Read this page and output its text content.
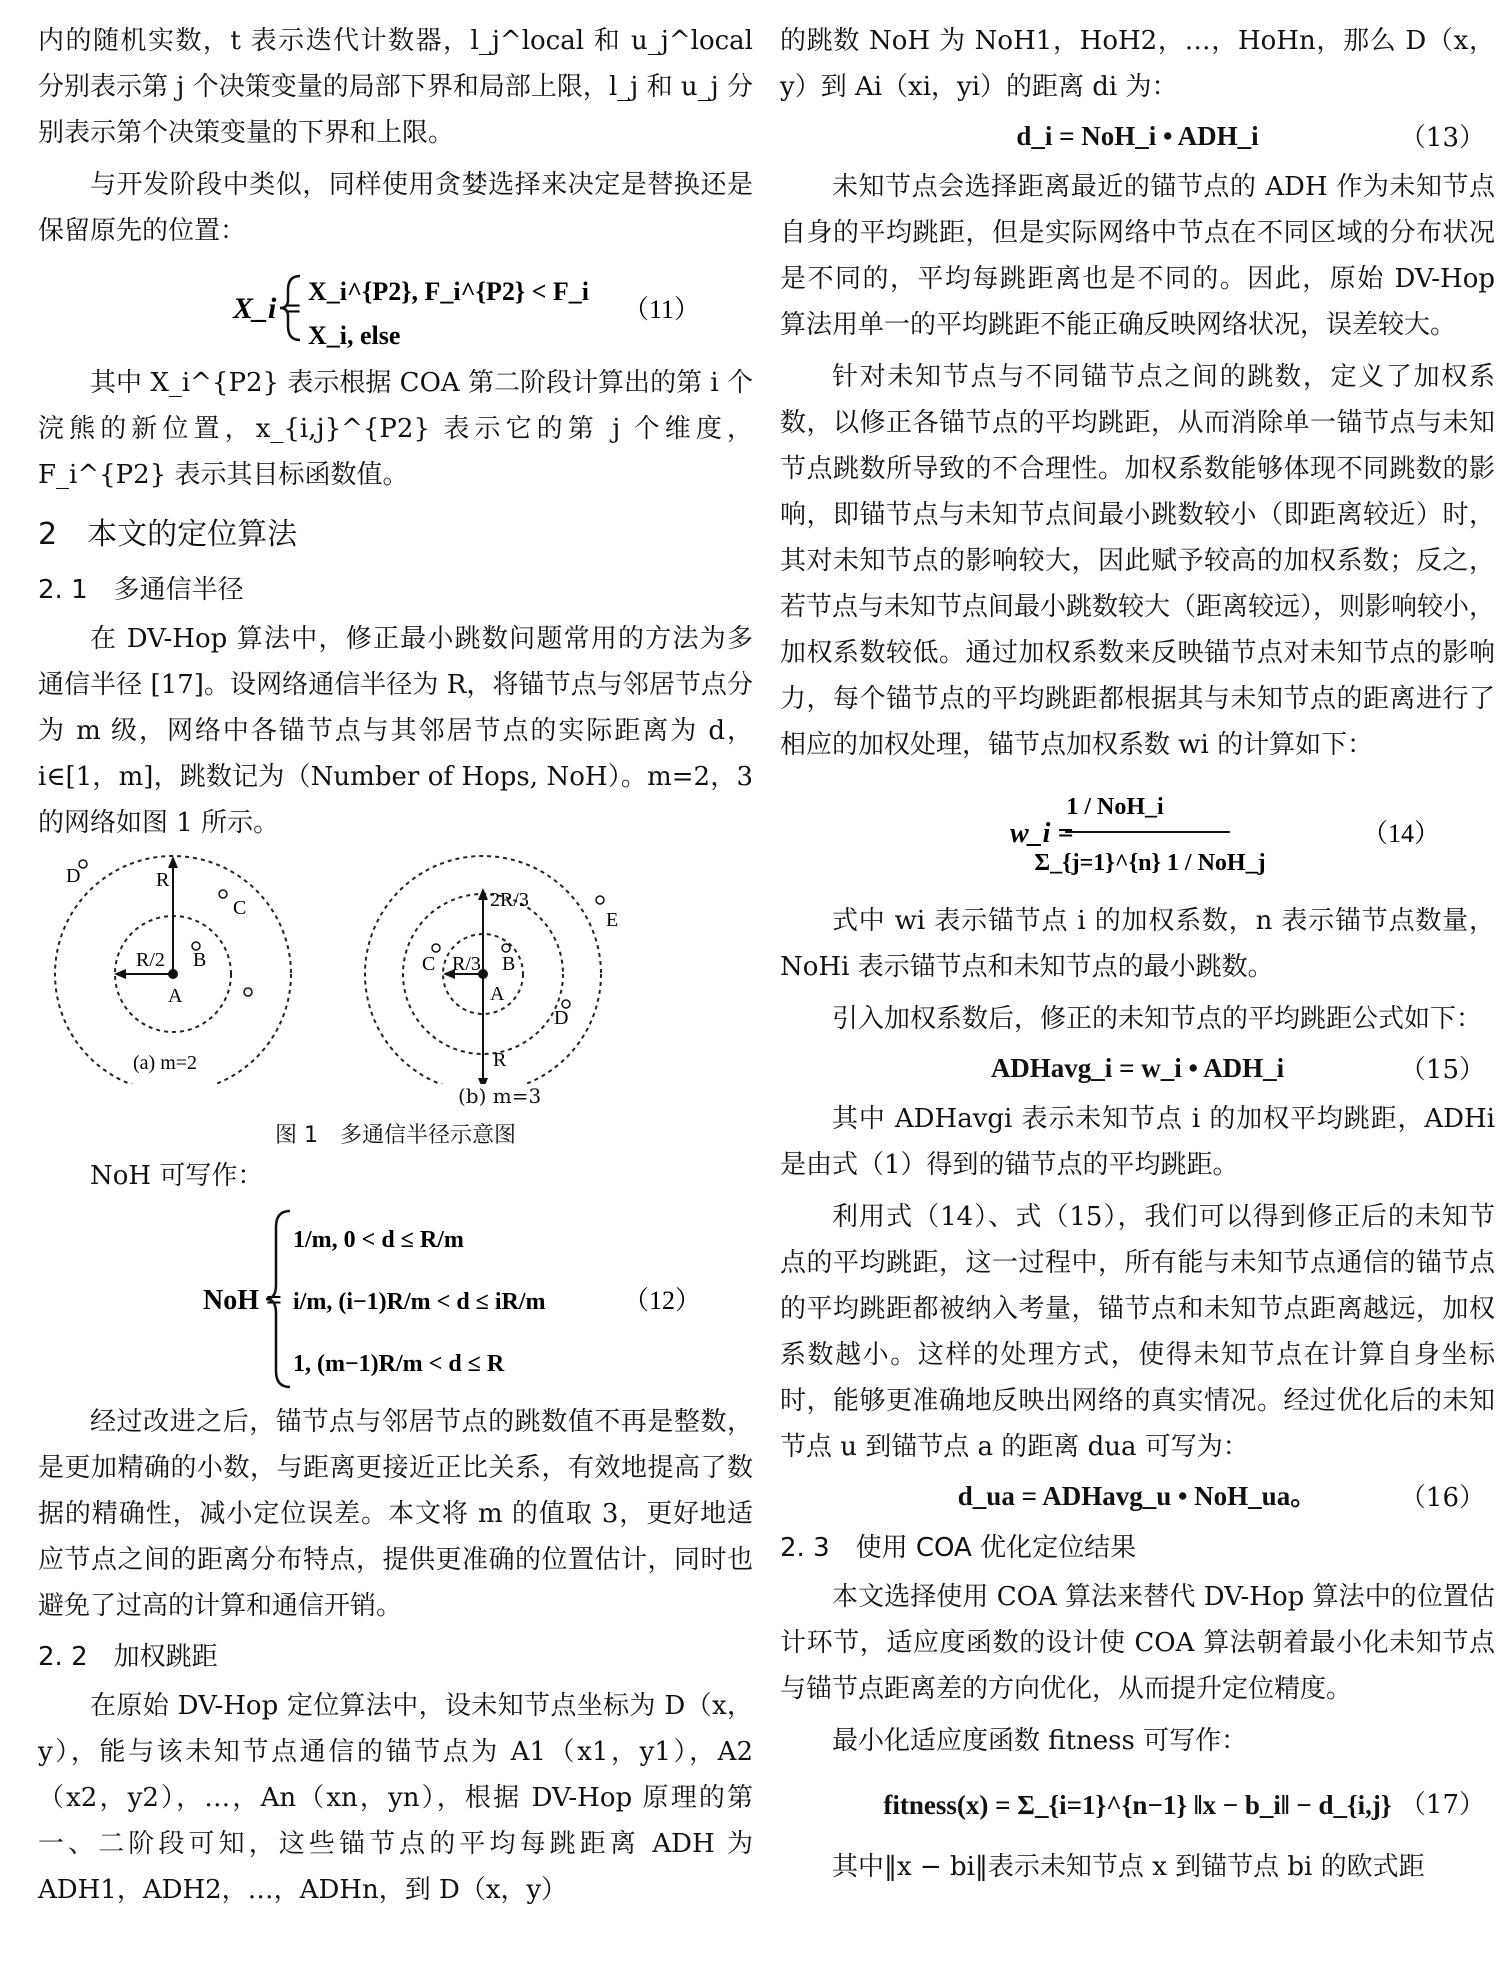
内的随机实数，t 表示迭代计数器，l_j^local 和 u_j^local 分别表示第 j 个决策变量的局部下界和局部上限，l_j 和 u_j 分别表示第个决策变量的下界和上限。

与开发阶段中类似，同样使用贪婪选择来决定是替换还是保留原先的位置：

X_i =
X_i^{P2}, F_i^{P2} < F_i
X_i, else
（11）

其中 X_i^{P2} 表示根据 COA 第二阶段计算出的第 i 个浣熊的新位置，x_{i,j}^{P2} 表示它的第 j 个维度，F_i^{P2} 表示其目标函数值。

2　本文的定位算法
2. 1　多通信半径

在 DV-Hop 算法中，修正最小跳数问题常用的方法为多通信半径 [17]。设网络通信半径为 R，将锚节点与邻居节点分为 m 级，网络中各锚节点与其邻居节点的实际距离为 d，i∈[1，m]，跳数记为（Number of Hops, NoH）。m=2，3 的网络如图 1 所示。

D	R
C
B
R/2
A
(a) m=2
2R/3
E
C R/3 B
A
D
R
(b) m=3
图 1　多通信半径示意图

NoH 可写作：

NoH =
1/m, 0 < d ≤ R/m
i/m, (i−1)R/m < d ≤ iR/m
1, (m−1)R/m < d ≤ R
（12）

经过改进之后，锚节点与邻居节点的跳数值不再是整数，是更加精确的小数，与距离更接近正比关系，有效地提高了数据的精确性，减小定位误差。本文将 m 的值取 3，更好地适应节点之间的距离分布特点，提供更准确的位置估计，同时也避免了过高的计算和通信开销。

2. 2　加权跳距

在原始 DV-Hop 定位算法中，设未知节点坐标为 D（x，y），能与该未知节点通信的锚节点为 A1（x1，y1），A2（x2，y2），…，An（xn，yn），根据 DV-Hop 原理的第一、二阶段可知，这些锚节点的平均每跳距离 ADH 为 ADH1，ADH2，…，ADHn，到 D（x，y）

的跳数 NoH 为 NoH1，HoH2，…，HoHn，那么 D（x，y）到 Ai（xi，yi）的距离 di 为：

d_i = NoH_i • ADH_i	（13）

未知节点会选择距离最近的锚节点的 ADH 作为未知节点自身的平均跳距，但是实际网络中节点在不同区域的分布状况是不同的，平均每跳距离也是不同的。因此，原始 DV-Hop 算法用单一的平均跳距不能正确反映网络状况，误差较大。

针对未知节点与不同锚节点之间的跳数，定义了加权系数，以修正各锚节点的平均跳距，从而消除单一锚节点与未知节点跳数所导致的不合理性。加权系数能够体现不同跳数的影响，即锚节点与未知节点间最小跳数较小（即距离较近）时，其对未知节点的影响较大，因此赋予较高的加权系数；反之，若节点与未知节点间最小跳数较大（距离较远），则影响较小，加权系数较低。通过加权系数来反映锚节点对未知节点的影响力，每个锚节点的平均跳距都根据其与未知节点的距离进行了相应的加权处理，锚节点加权系数 wi 的计算如下：

w_i =
1 / NoH_i
Σ_{j=1}^{n} 1 / NoH_j
（14）

式中 wi 表示锚节点 i 的加权系数，n 表示锚节点数量，NoHi 表示锚节点和未知节点的最小跳数。

引入加权系数后，修正的未知节点的平均跳距公式如下：

ADHavg_i = w_i • ADH_i	（15）

其中 ADHavgi 表示未知节点 i 的加权平均跳距，ADHi 是由式（1）得到的锚节点的平均跳距。

利用式（14）、式（15），我们可以得到修正后的未知节点的平均跳距，这一过程中，所有能与未知节点通信的锚节点的平均跳距都被纳入考量，锚节点和未知节点距离越远，加权系数越小。这样的处理方式，使得未知节点在计算自身坐标时，能够更准确地反映出网络的真实情况。经过优化后的未知节点 u 到锚节点 a 的距离 dua 可写为：

d_ua = ADHavg_u • NoH_ua。	（16）
2. 3　使用 COA 优化定位结果

本文选择使用 COA 算法来替代 DV-Hop 算法中的位置估计环节，适应度函数的设计使 COA 算法朝着最小化未知节点与锚节点距离差的方向优化，从而提升定位精度。

最小化适应度函数 fitness 可写作：

fitness(x) = Σ_{i=1}^{n−1} ‖x − b_i‖ − d_{i,j} （17）

其中‖x − bi‖表示未知节点 x 到锚节点 bi 的欧式距
